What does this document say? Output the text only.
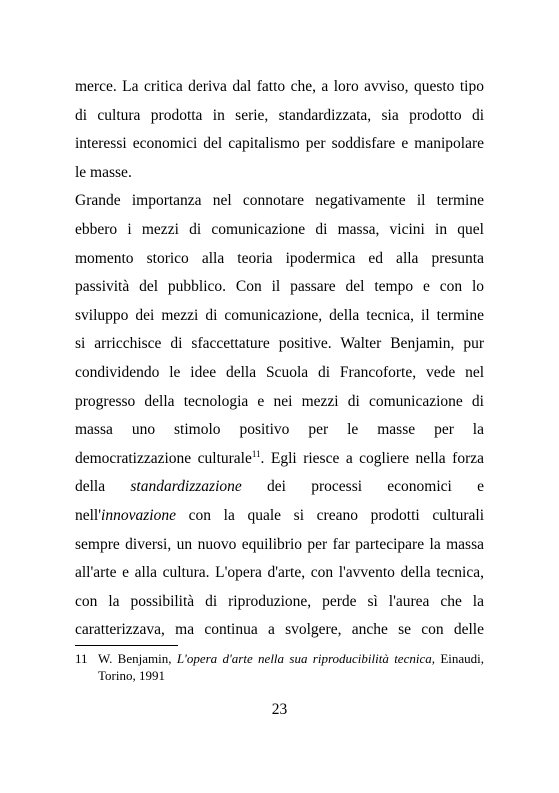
merce. La critica deriva dal fatto che, a loro avviso, questo tipo
di cultura prodotta in serie, standardizzata, sia prodotto di
interessi economici del capitalismo per soddisfare e manipolare
le masse.
Grande importanza nel connotare negativamente il termine
ebbero i mezzi di comunicazione di massa, vicini in quel
momento storico alla teoria ipodermica ed alla presunta
passività del pubblico. Con il passare del tempo e con lo
sviluppo dei mezzi di comunicazione, della tecnica, il termine
si arricchisce di sfaccettature positive. Walter Benjamin, pur
condividendo le idee della Scuola di Francoforte, vede nel
progresso della tecnologia e nei mezzi di comunicazione di
massa uno stimolo positivo per le masse per la
democratizzazione culturale$^{11}$. Egli riesce a cogliere nella forza
della standardizzazione dei processi economici e
nell'innovazione con la quale si creano prodotti culturali
sempre diversi, un nuovo equilibrio per far partecipare la massa
all'arte e alla cultura. L'opera d'arte, con l'avvento della tecnica,
con la possibilità di riproduzione, perde sì l'aurea che la
caratterizzava, ma continua a svolgere, anche se con delle
11 W. Benjamin, L'opera d'arte nella sua riproducibilità tecnica, Einaudi,
Torino, 1991
23
